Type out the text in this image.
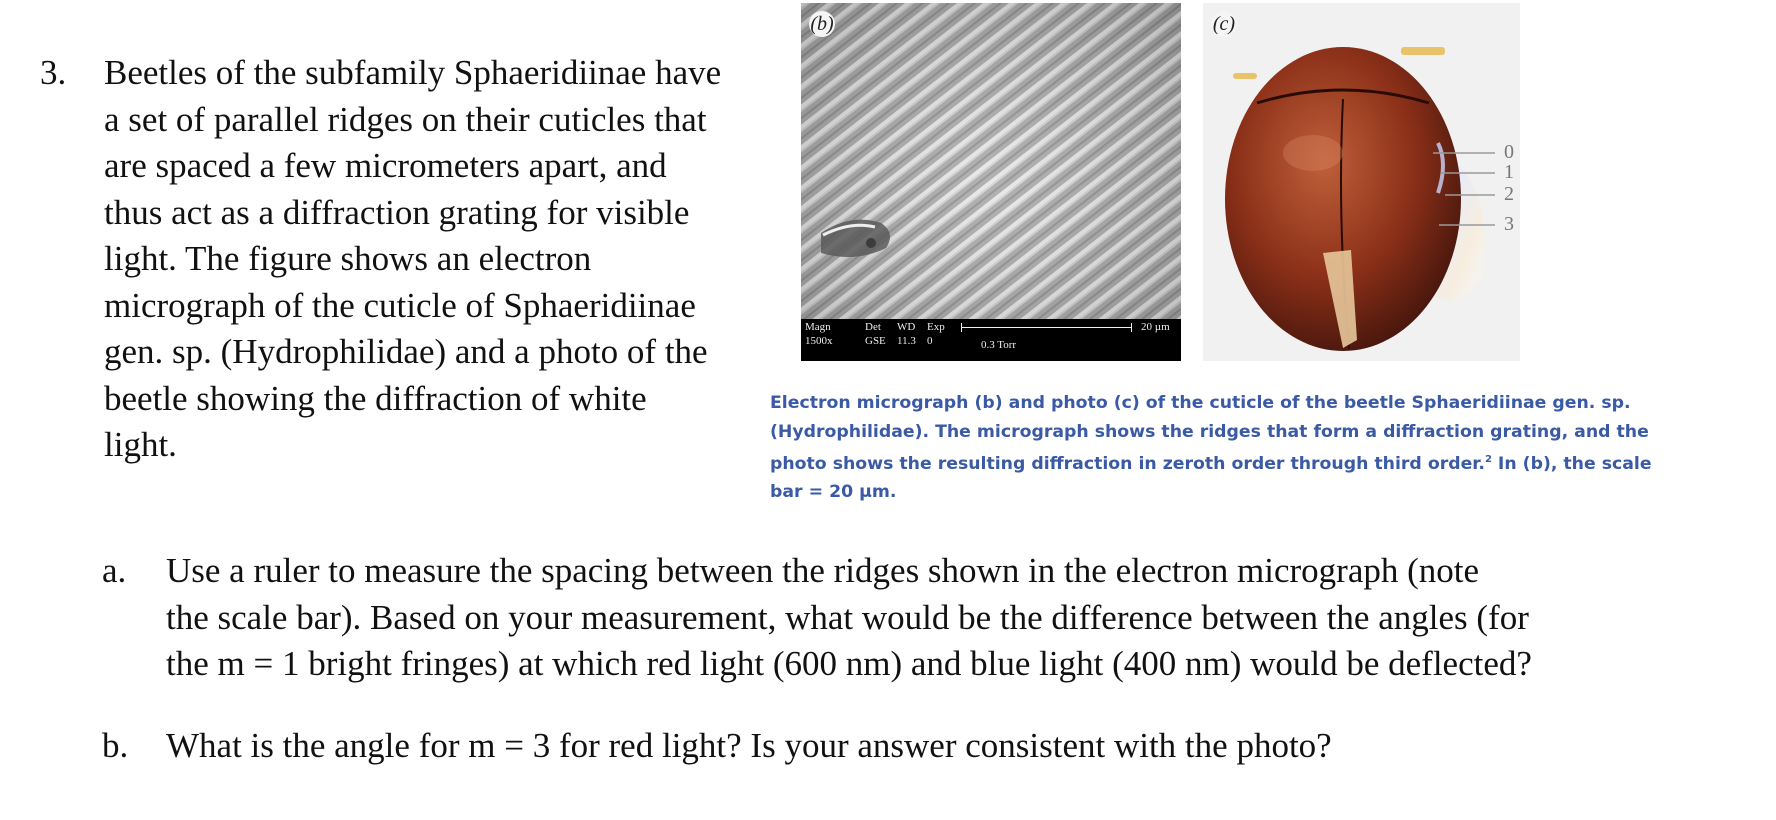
3. Beetles of the subfamily Sphaeridiinae have a set of parallel ridges on their cuticles that are spaced a few micrometers apart, and thus act as a diffraction grating for visible light. The figure shows an electron micrograph of the cuticle of Sphaeridiinae gen. sp. (Hydrophilidae) and a photo of the beetle showing the diffraction of white light.

(b)
Magn
1500x
Det
GSE
WD
11.3
Exp
0	0.3 Torr
20 µm
(c)
0
1
2
3
Electron micrograph (b) and photo (c) of the cuticle of the beetle Sphaeridiinae gen. sp. (Hydrophilidae). The micrograph shows the ridges that form a diffraction grating, and the photo shows the resulting diffraction in zeroth order through third order.$^2$ In (b), the scale bar = 20 µm.
a. Use a ruler to measure the spacing between the ridges shown in the electron micrograph (note
the scale bar). Based on your measurement, what would be the difference between the angles (for
the m = 1 bright fringes) at which red light (600 nm) and blue light (400 nm) would be deflected?
b. What is the angle for m = 3 for red light? Is your answer consistent with the photo?
